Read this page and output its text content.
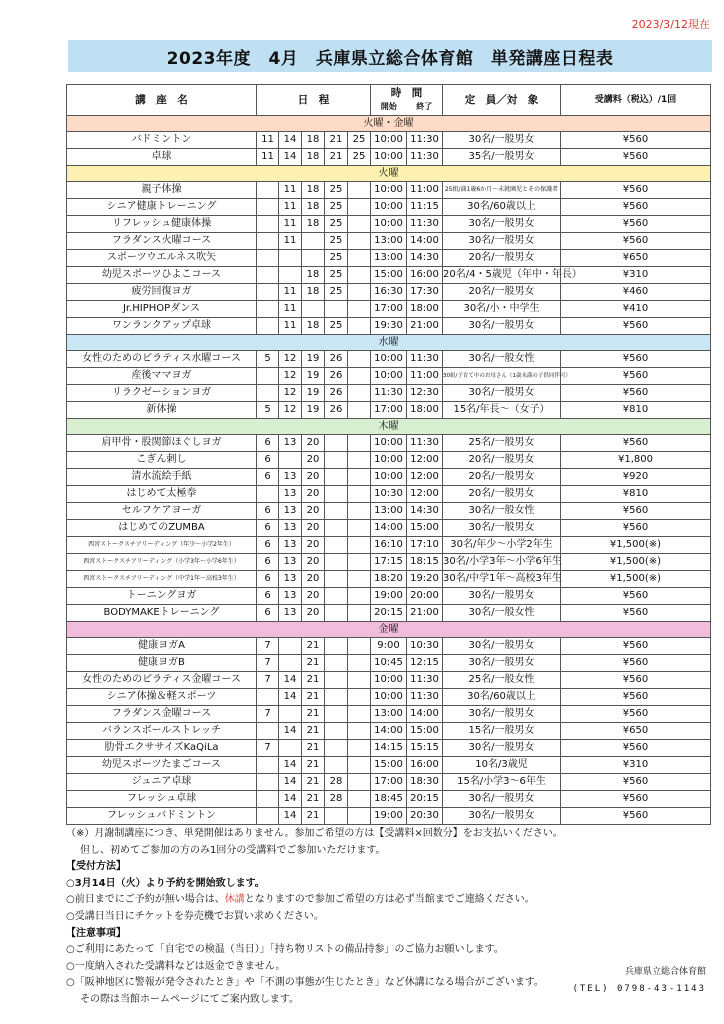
2023/3/12現在
2023年度　4月　兵庫県立総合体育館　単発講座日程表
講　座　名	日　程					時　間
開始 終了		定　員／対　象	受講料（税込）/1回
火曜・金曜									
バドミントン	11	14	18	21	25	10:00	11:30	30名/一般男女	¥560
卓球	11	14	18	21	25	10:00	11:30	35名/一般男女	¥560
火曜									
親子体操		11	18	25		10:00	11:00	25組/満1歳6か月～未就園児とその保護者	¥560
シニア健康トレーニング		11	18	25		10:00	11:15	30名/60歳以上	¥560
リフレッシュ健康体操		11	18	25		10:00	11:30	30名/一般男女	¥560
フラダンス火曜コース		11		25		13:00	14:00	30名/一般男女	¥560
スポーツウエルネス吹矢				25		13:00	14:30	20名/一般男女	¥650
幼児スポーツひよこコース			18	25		15:00	16:00	20名/4・5歳児（年中・年長）	¥310
疲労回復ヨガ		11	18	25		16:30	17:30	20名/一般男女	¥460
Jr.HIPHOPダンス		11				17:00	18:00	30名/小・中学生	¥410
ワンランクアップ卓球		11	18	25		19:30	21:00	30名/一般男女	¥560
水曜									
女性のためのピラティス水曜コース	5	12	19	26		10:00	11:30	30名/一般女性	¥560
産後ママヨガ		12	19	26		10:00	11:00	30組/子育て中のお母さん（1歳未満の子供同伴可）	¥560
リラクゼーションヨガ		12	19	26		11:30	12:30	30名/一般男女	¥560
新体操	5	12	19	26		17:00	18:00	15名/年長～（女子）	¥810
木曜									
肩甲骨・股関節ほぐしヨガ	6	13	20			10:00	11:30	25名/一般男女	¥560
こぎん刺し	6		20			10:00	12:00	20名/一般男女	¥1,800
清水流絵手紙	6	13	20			10:00	12:00	20名/一般男女	¥920
はじめて太極拳		13	20			10:30	12:00	20名/一般男女	¥810
セルフケアヨーガ	6	13	20			13:00	14:30	30名/一般女性	¥560
はじめてのZUMBA	6	13	20			14:00	15:00	30名/一般男女	¥560
西宮ストークスチアリーディング（年少～小学2年生）	6	13	20			16:10	17:10	30名/年少～小学2年生	¥1,500(※)
西宮ストークスチアリーディング（小学3年～小学6年生）	6	13	20			17:15	18:15	30名/小学3年～小学6年生	¥1,500(※)
西宮ストークスチアリーディング（中学1年～高校3年生）	6	13	20			18:20	19:20	30名/中学1年～高校3年生	¥1,500(※)
トーニングヨガ	6	13	20			19:00	20:00	30名/一般男女	¥560
BODYMAKEトレーニング	6	13	20			20:15	21:00	30名/一般女性	¥560
金曜									
健康ヨガA	7		21			9:00	10:30	30名/一般男女	¥560
健康ヨガB	7		21			10:45	12:15	30名/一般男女	¥560
女性のためのピラティス金曜コース	7	14	21			10:00	11:30	25名/一般女性	¥560
シニア体操＆軽スポーツ		14	21			10:00	11:30	30名/60歳以上	¥560
フラダンス金曜コース	7		21			13:00	14:00	30名/一般男女	¥560
バランスボールストレッチ		14	21			14:00	15:00	15名/一般男女	¥650
肋骨エクササイズKaQiLa	7		21			14:15	15:15	30名/一般男女	¥560
幼児スポーツたまごコース		14	21			15:00	16:00	10名/3歳児	¥310
ジュニア卓球		14	21	28		17:00	18:30	15名/小学3～6年生	¥560
フレッシュ卓球		14	21	28		18:45	20:15	30名/一般男女	¥560
フレッシュバドミントン		14	21			19:00	20:30	30名/一般男女	¥560

（※）月謝制講座につき、単発開催はありません。参加ご希望の方は【受講料×回数分】をお支払いください。

但し、初めてご参加の方のみ1回分の受講料でご参加いただけます。

【受付方法】

○3月14日（火）より予約を開始致します。

○前日までにご予約が無い場合は、休講となりますので参加ご希望の方は必ず当館までご連絡ください。

○受講日当日にチケットを券売機でお買い求めください。

【注意事項】

○ご利用にあたって「自宅での検温（当日）」「持ち物リストの備品持参」のご協力お願いします。

○一度納入された受講料などは返金できません。

○「阪神地区に警報が発令されたとき」や「不測の事態が生じたとき」など休講になる場合がございます。

その際は当館ホームページにてご案内致します。

兵庫県立総合体育館
(TEL) 0798-43-1143
